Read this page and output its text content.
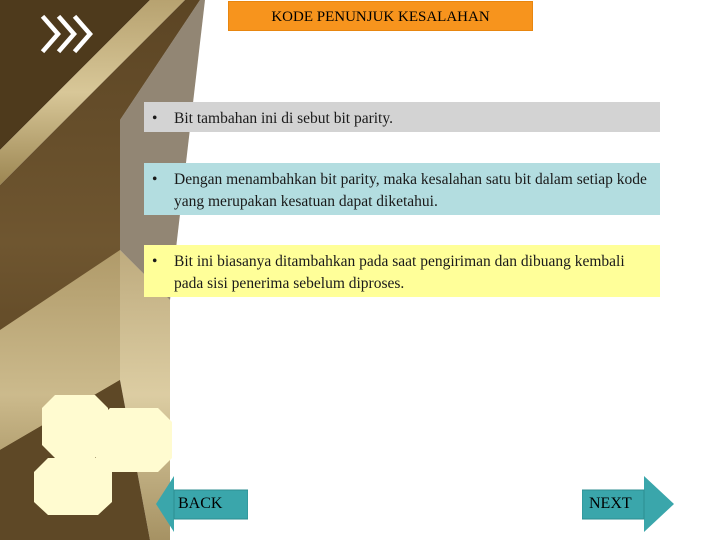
KODE PENUNJUK KESALAHAN
• Bit tambahan ini di sebut bit parity.
• Dengan menambahkan bit parity, maka kesalahan satu bit dalam setiap kode yang merupakan kesatuan dapat diketahui.
• Bit ini biasanya ditambahkan pada saat pengiriman dan dibuang kembali pada sisi penerima sebelum diproses.
BACK	NEXT
